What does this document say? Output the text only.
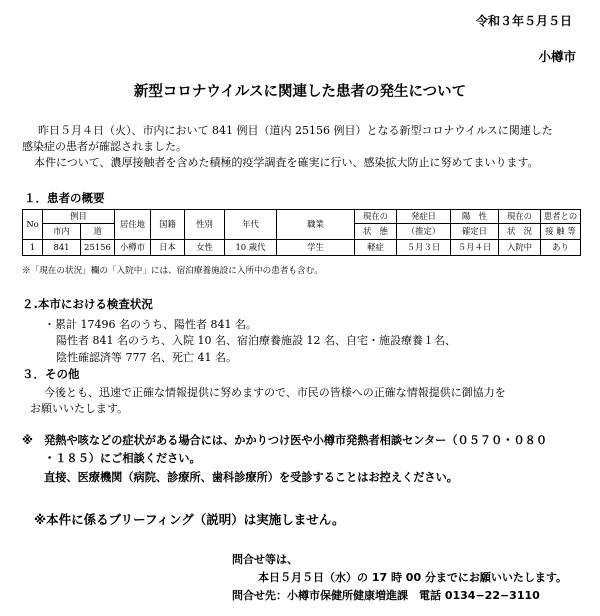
令和３年５月５日
小樽市
新型コロナウイルスに関連した患者の発生について
昨日５月４日（火）、市内において 841 例目（道内 25156 例目）となる新型コロナウイルスに関連した
感染症の患者が確認されました。
本件について、濃厚接触者を含めた積極的疫学調査を確実に行い、感染拡大防止に努めてまいります。
１．患者の概要
No	例目		居住地	国籍	性別	年代	職業	現在の	発症日	陽　性	現在の	患者との
	市内	道						状　態	（推定）	確定日	状　況	接 触 等
1	841	25156	小樽市	日本	女性	10 歳代	学生	軽症	５月３日	５月４日	入院中	あり
※「現在の状況」欄の「入院中」には、宿泊療養施設に入所中の患者も含む。
２.本市における検査状況
・累計 17496 名のうち、陽性者 841 名。
陽性者 841 名のうち、入院 10 名、宿泊療養施設 12 名、自宅・施設療養１名、
陰性確認済等 777 名、死亡 41 名。
３．その他
今後とも、迅速で正確な情報提供に努めますので、市民の皆様への正確な情報提供に御協力を
お願いいたします。
※　発熱や咳などの症状がある場合には、かかりつけ医や小樽市発熱者相談センター（０５７０・０８０
・１８５）にご相談ください。
直接、医療機関（病院、診療所、歯科診療所）を受診することはお控えください。
※本件に係るブリーフィング（説明）は実施しません。
問合せ等は、
本日５月５日（水）の 17 時 00 分までにお願いいたします。
問合せ先：小樽市保健所健康増進課　電話 0134−22−3110
